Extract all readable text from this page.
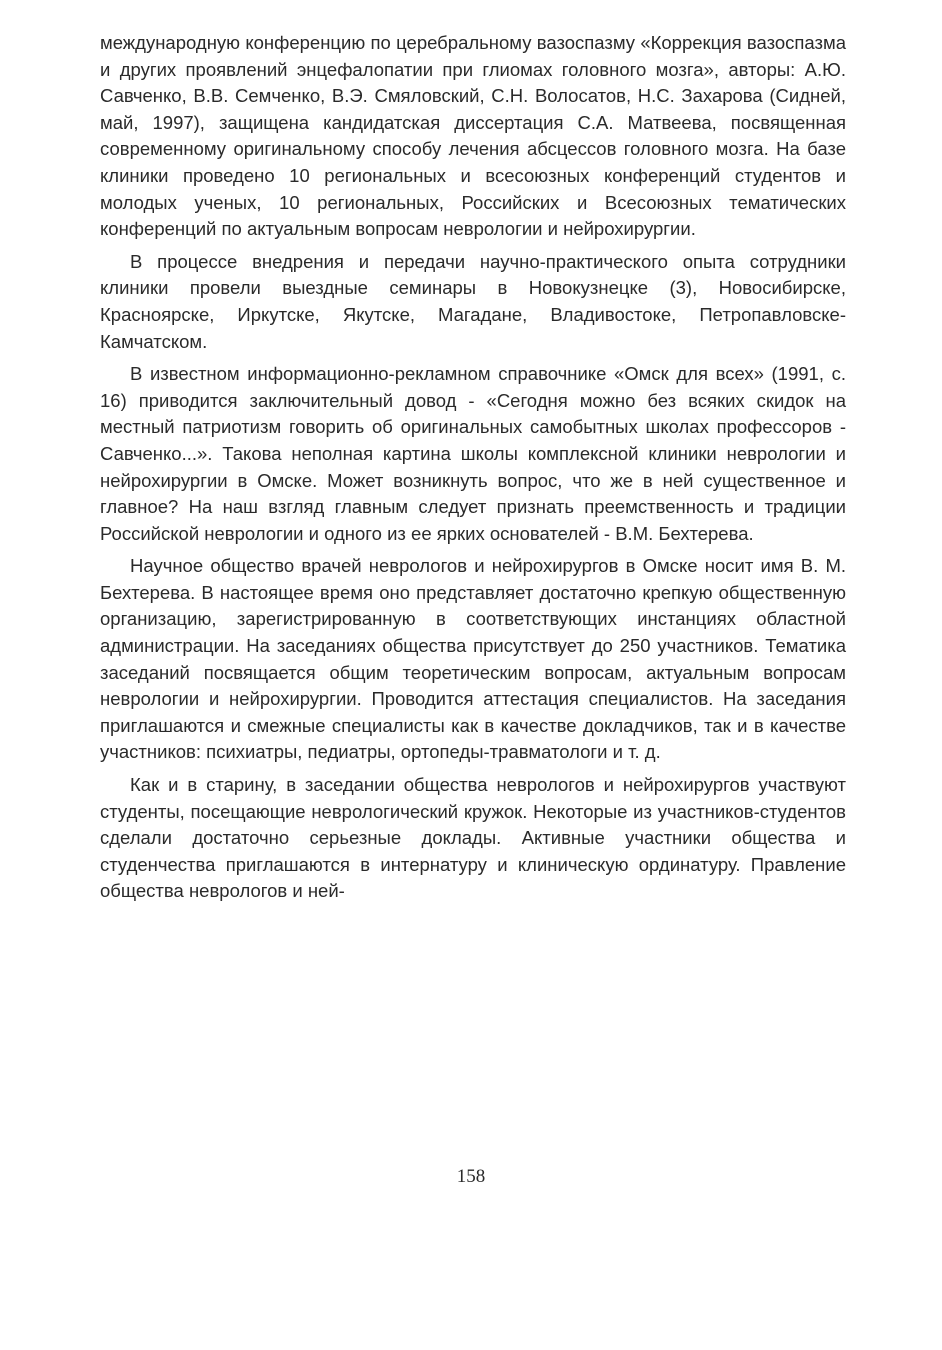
международную конференцию по церебральному вазоспазму «Коррекция вазоспазма и других проявлений энцефалопатии при глиомах головного мозга», авторы: А.Ю. Савченко, В.В. Семченко, В.Э. Смяловский, С.Н. Волосатов, Н.С. Захарова (Сидней, май, 1997), защищена кандидатская диссертация С.А. Матвеева, посвященная современному оригинальному способу лечения абсцессов головного мозга. На базе клиники проведено 10 региональных и всесоюзных конференций студентов и молодых ученых, 10 региональных, Российских и Всесоюзных тематических конференций по актуальным вопросам неврологии и нейрохирургии.

В процессе внедрения и передачи научно-практического опыта сотрудники клиники провели выездные семинары в Новокузнецке (3), Новосибирске, Красноярске, Иркутске, Якутске, Магадане, Владивостоке, Петропавловске-Камчатском.

В известном информационно-рекламном справочнике «Омск для всех» (1991, с. 16) приводится заключительный довод - «Сегодня можно без всяких скидок на местный патриотизм говорить об оригинальных самобытных школах профессоров - Савченко...». Такова неполная картина школы комплексной клиники неврологии и нейрохирургии в Омске. Может возникнуть вопрос, что же в ней существенное и главное? На наш взгляд главным следует признать преемственность и традиции Российской неврологии и одного из ее ярких основателей - В.М. Бехтерева.

Научное общество врачей неврологов и нейрохирургов в Омске носит имя В. М. Бехтерева. В настоящее время оно представляет достаточно крепкую общественную организацию, зарегистрированную в соответствующих инстанциях областной администрации. На заседаниях общества присутствует до 250 участников. Тематика заседаний посвящается общим теоретическим вопросам, актуальным вопросам неврологии и нейрохирургии. Проводится аттестация специалистов. На заседания приглашаются и смежные специалисты как в качестве докладчиков, так и в качестве участников: психиатры, педиатры, ортопеды-травматологи и т. д.

Как и в старину, в заседании общества неврологов и нейрохирургов участвуют студенты, посещающие неврологический кружок. Некоторые из участников-студентов сделали достаточно серьезные доклады. Активные участники общества и студенчества приглашаются в интернатуру и клиническую ординатуру. Правление общества неврологов и ней-

158
